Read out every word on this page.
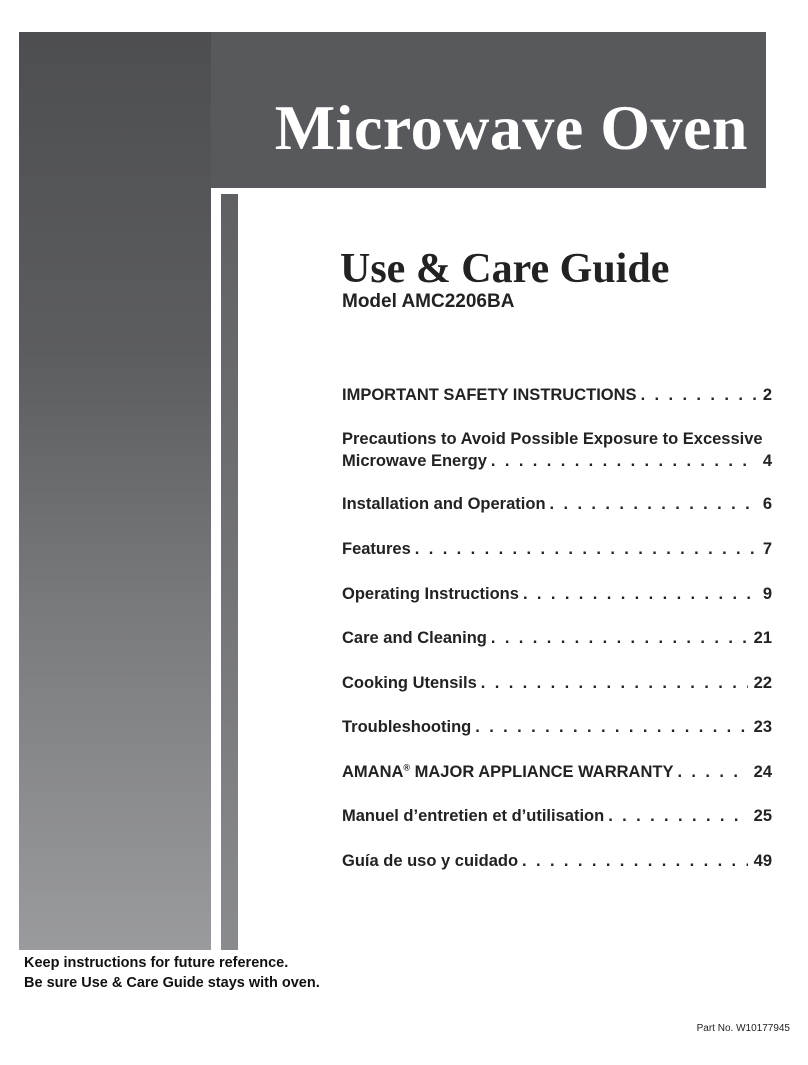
Microwave Oven
Use & Care Guide

Model AMC2206BA

IMPORTANT SAFETY INSTRUCTIONS . . .	2
Precautions to Avoid Possible Exposure to Excessive
Microwave Energy . . .	4
Installation and Operation . . .	6
Features . . .	7
Operating Instructions . . .	9
Care and Cleaning . . .	21
Cooking Utensils . . .	22
Troubleshooting . . .	23
AMANA® MAJOR APPLIANCE WARRANTY . . .	24
Manuel d’entretien et d’utilisation . . .	25
Guía de uso y cuidado . . .	49

Keep instructions for future reference.
Be sure Use & Care Guide stays with oven.

Part No. W10177945
